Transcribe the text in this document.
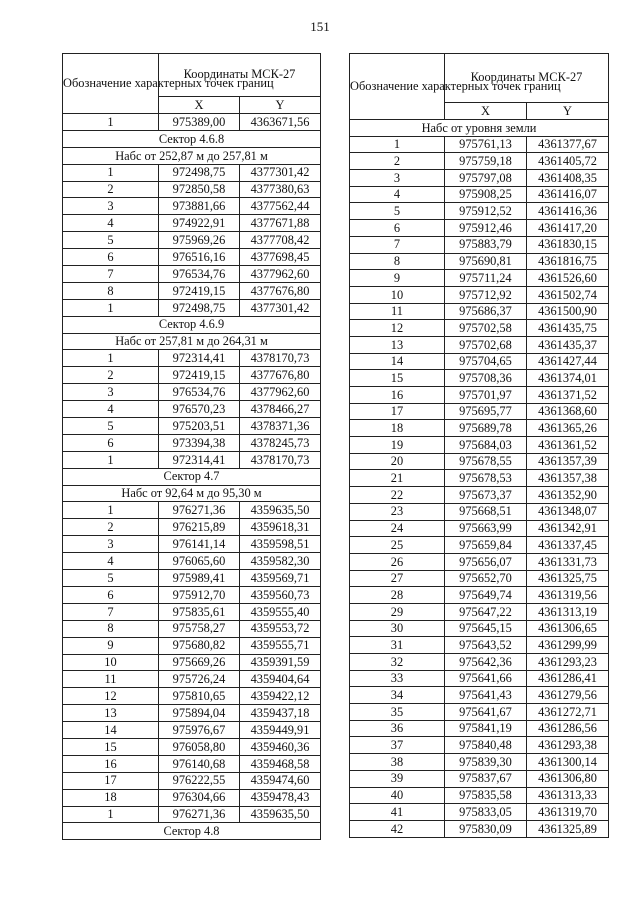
151
Обозначение характерных точек границ	Координаты МСК-27	
	X	Y
1	975389,00	4363671,56
Сектор 4.6.8		
Набс от 252,87 м до 257,81 м		
1	972498,75	4377301,42
2	972850,58	4377380,63
3	973881,66	4377562,44
4	974922,91	4377671,88
5	975969,26	4377708,42
6	976516,16	4377698,45
7	976534,76	4377962,60
8	972419,15	4377676,80
1	972498,75	4377301,42
Сектор 4.6.9		
Набс от 257,81 м до 264,31 м		
1	972314,41	4378170,73
2	972419,15	4377676,80
3	976534,76	4377962,60
4	976570,23	4378466,27
5	975203,51	4378371,36
6	973394,38	4378245,73
1	972314,41	4378170,73
Сектор 4.7		
Набс от 92,64 м до 95,30 м		
1	976271,36	4359635,50
2	976215,89	4359618,31
3	976141,14	4359598,51
4	976065,60	4359582,30
5	975989,41	4359569,71
6	975912,70	4359560,73
7	975835,61	4359555,40
8	975758,27	4359553,72
9	975680,82	4359555,71
10	975669,26	4359391,59
11	975726,24	4359404,64
12	975810,65	4359422,12
13	975894,04	4359437,18
14	975976,67	4359449,91
15	976058,80	4359460,36
16	976140,68	4359468,58
17	976222,55	4359474,60
18	976304,66	4359478,43
1	976271,36	4359635,50
Сектор 4.8		
Обозначение характерных точек границ	Координаты МСК-27	
	X	Y
Набс от уровня земли		
1	975761,13	4361377,67
2	975759,18	4361405,72
3	975797,08	4361408,35
4	975908,25	4361416,07
5	975912,52	4361416,36
6	975912,46	4361417,20
7	975883,79	4361830,15
8	975690,81	4361816,75
9	975711,24	4361526,60
10	975712,92	4361502,74
11	975686,37	4361500,90
12	975702,58	4361435,75
13	975702,68	4361435,37
14	975704,65	4361427,44
15	975708,36	4361374,01
16	975701,97	4361371,52
17	975695,77	4361368,60
18	975689,78	4361365,26
19	975684,03	4361361,52
20	975678,55	4361357,39
21	975678,53	4361357,38
22	975673,37	4361352,90
23	975668,51	4361348,07
24	975663,99	4361342,91
25	975659,84	4361337,45
26	975656,07	4361331,73
27	975652,70	4361325,75
28	975649,74	4361319,56
29	975647,22	4361313,19
30	975645,15	4361306,65
31	975643,52	4361299,99
32	975642,36	4361293,23
33	975641,66	4361286,41
34	975641,43	4361279,56
35	975641,67	4361272,71
36	975841,19	4361286,56
37	975840,48	4361293,38
38	975839,30	4361300,14
39	975837,67	4361306,80
40	975835,58	4361313,33
41	975833,05	4361319,70
42	975830,09	4361325,89
